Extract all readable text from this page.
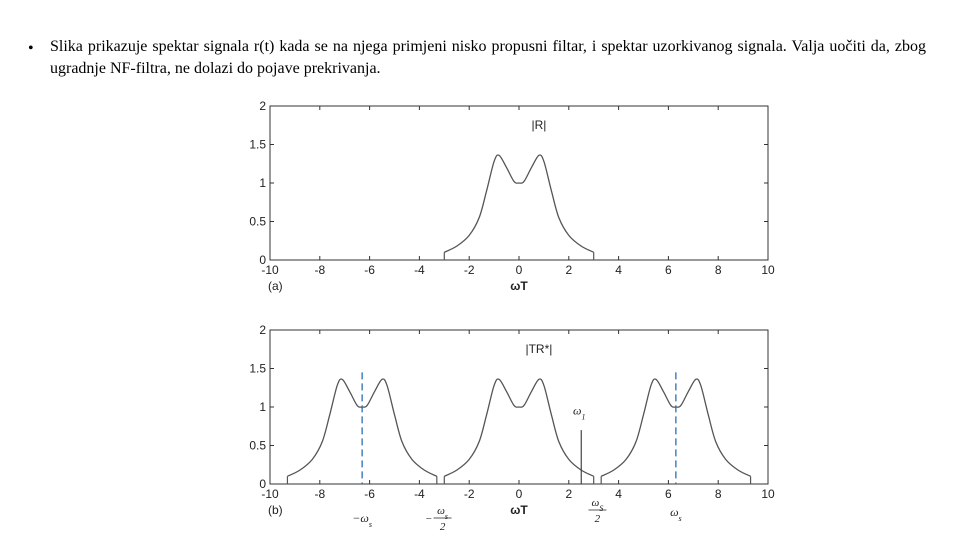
• Slika prikazuje spektar signala r(t) kada se na njega primjeni nisko propusni filtar, i spektar uzorkivanog signala. Valja uočiti da, zbog ugradnje NF-filtra, ne dolazi do pojave prekrivanja.
0
0.5
1
1.5
2
-10	-8	-6	-4	-2	0	2	4	6	8	10
|R|
(a)	ωT
0
0.5
1
1.5
2
-10	-8	-6	-4	-2	0	2	4	6	8	10
|TR*|
(b)	ωT
$\omega_1$
$-\omega_s$	−
$\omega_s$
2
$\omega_S$
2	$\omega_s$
